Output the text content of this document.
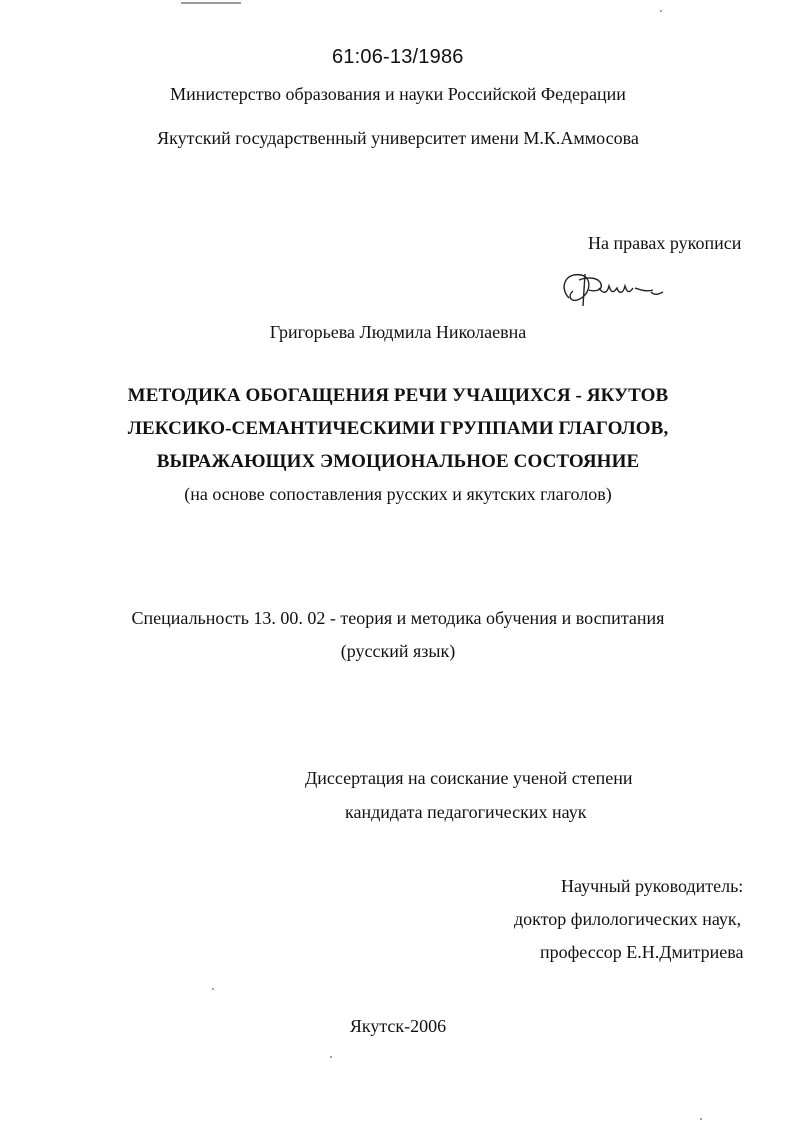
61:06-13/1986
Министерство образования и науки Российской Федерации
Якутский государственный университет имени М.К.Аммосова
На правах рукописи
Григорьева Людмила Николаевна
МЕТОДИКА ОБОГАЩЕНИЯ РЕЧИ УЧАЩИХСЯ - ЯКУТОВ
ЛЕКСИКО-СЕМАНТИЧЕСКИМИ ГРУППАМИ ГЛАГОЛОВ,
ВЫРАЖАЮЩИХ ЭМОЦИОНАЛЬНОЕ СОСТОЯНИЕ
(на основе сопоставления русских и якутских глаголов)
Специальность 13. 00. 02 - теория и методика обучения и воспитания
(русский язык)
Диссертация на соискание ученой степени
кандидата педагогических наук
Научный руководитель:
доктор филологических наук,
профессор Е.Н.Дмитриева
Якутск-2006
